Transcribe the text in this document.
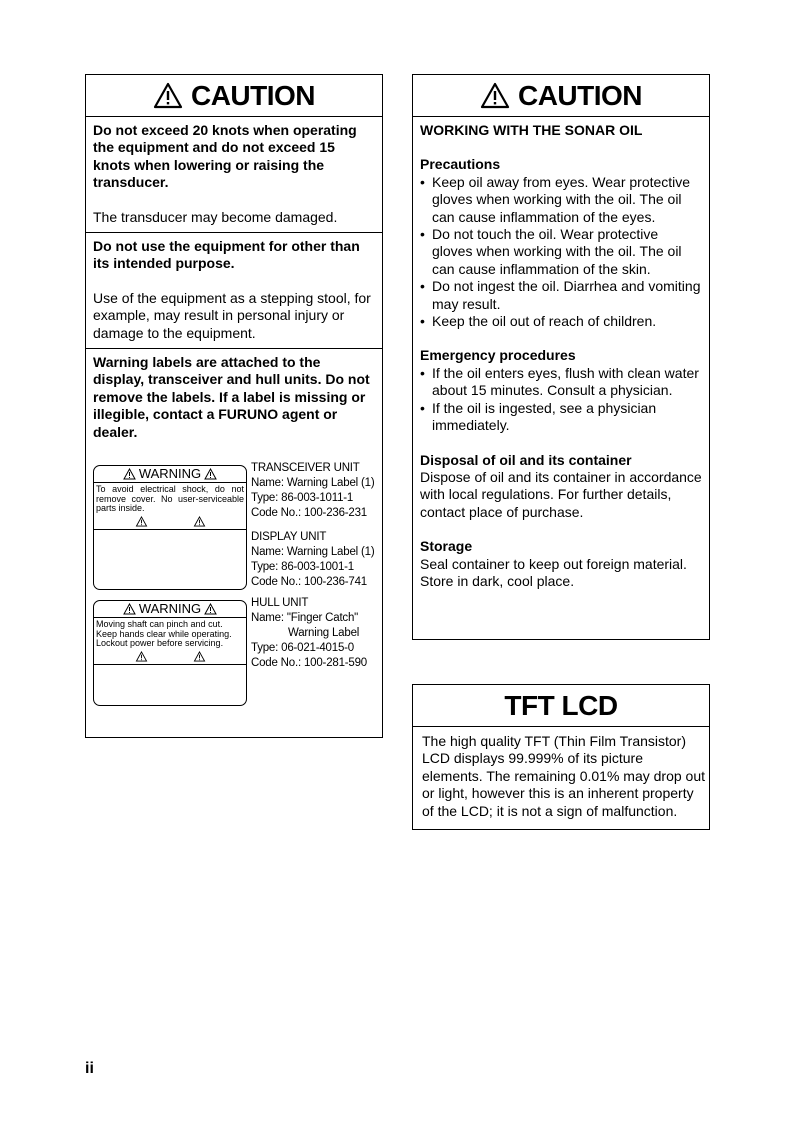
CAUTION

Do not exceed 20 knots when operating the equipment and do not exceed 15 knots when lowering or raising the transducer.

The transducer may become damaged.

Do not use the equipment for other than its intended purpose.

Use of the equipment as a stepping stool, for example, may result in personal injury or damage to the equipment.

Warning labels are attached to the display, transceiver and hull units. Do not remove the labels. If a label is missing or illegible, contact a FURUNO agent or dealer.

WARNING
To avoid electrical shock, do not remove cover. No user-serviceable parts inside.
TRANSCEIVER UNIT
Name: Warning Label (1)
Type: 86-003-1011-1
Code No.: 100-236-231
DISPLAY UNIT
Name: Warning Label (1)
Type: 86-003-1001-1
Code No.: 100-236-741
WARNING
Moving shaft can pinch and cut. Keep hands clear while operating. Lockout power before servicing.
HULL UNIT
Name: "Finger Catch"
Warning Label
Type: 06-021-4015-0
Code No.: 100-281-590
CAUTION

WORKING WITH THE SONAR OIL

Precautions

• Keep oil away from eyes. Wear protective gloves when working with the oil. The oil can cause inflammation of the eyes.
• Do not touch the oil. Wear protective gloves when working with the oil. The oil can cause inflammation of the skin.
• Do not ingest the oil. Diarrhea and vomiting may result.
• Keep the oil out of reach of children.

Emergency procedures

• If the oil enters eyes, flush with clean water about 15 minutes. Consult a physician.
• If the oil is ingested, see a physician immediately.

Disposal of oil and its container

Dispose of oil and its container in accordance with local regulations. For further details, contact place of purchase.

Storage

Seal container to keep out foreign material. Store in dark, cool place.

TFT LCD
The high quality TFT (Thin Film Transistor) LCD displays 99.999% of its picture elements. The remaining 0.01% may drop out or light, however this is an inherent property of the LCD; it is not a sign of malfunction.
ii
